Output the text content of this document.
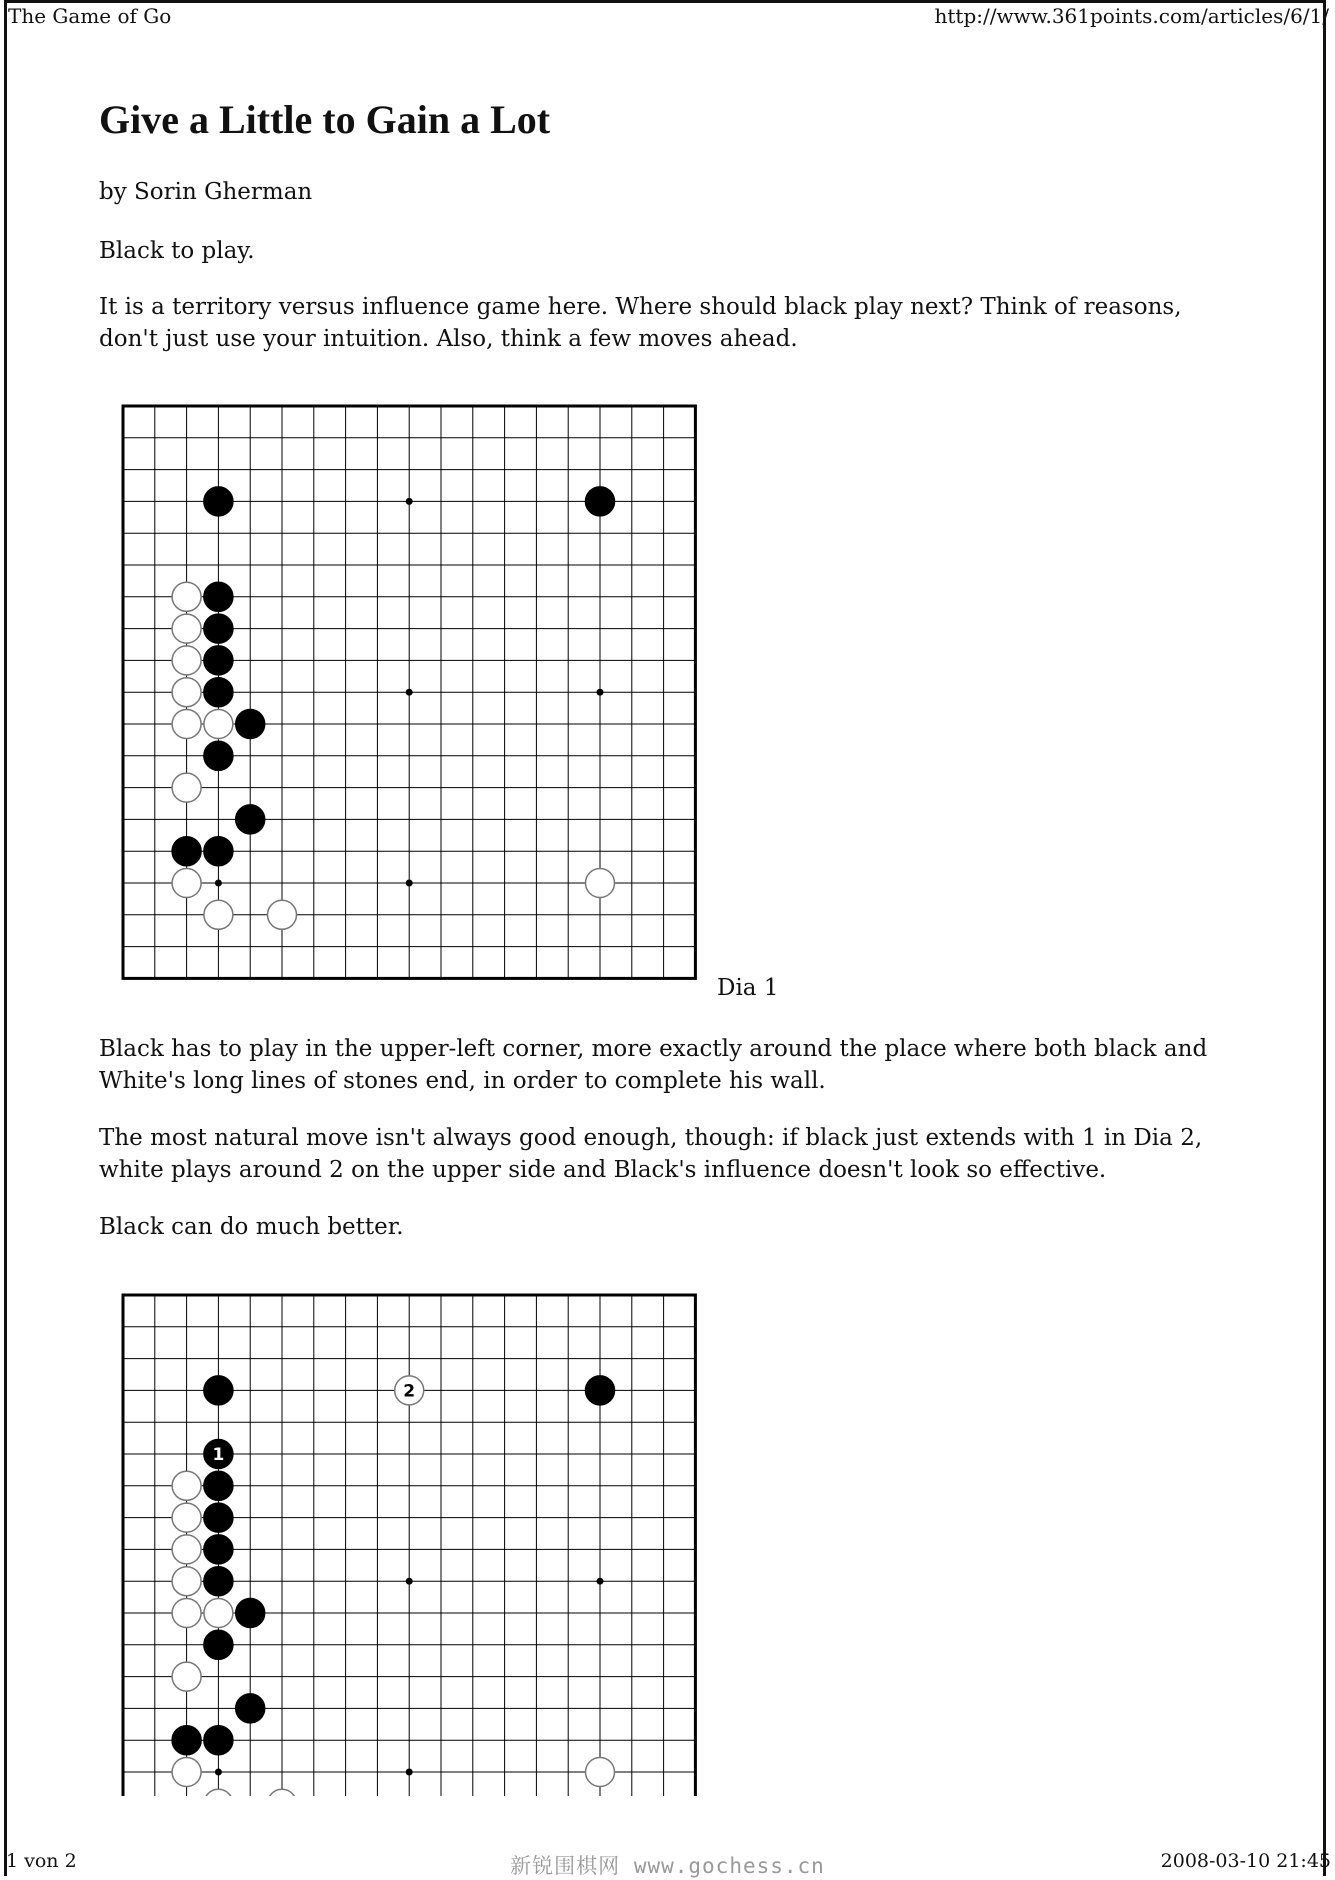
The Game of Go	http://www.361points.com/articles/6/1/
Give a Little to Gain a Lot

by Sorin Gherman

Black to play.

It is a territory versus influence game here. Where should black play next? Think of reasons, don't just use your intuition. Also, think a few moves ahead.

Dia 1

Black has to play in the upper-left corner, more exactly around the place where both black and White's long lines of stones end, in order to complete his wall.

The most natural move isn't always good enough, though: if black just extends with 1 in Dia 2, white plays around 2 on the upper side and Black's influence doesn't look so effective.

Black can do much better.

2
1
1 von 2	新锐围棋网 www.gochess.cn	2008-03-10 21:45
